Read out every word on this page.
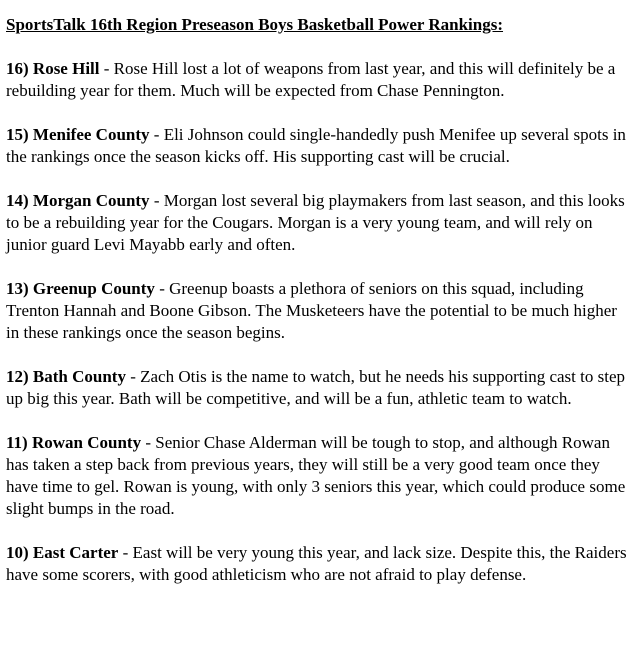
SportsTalk 16th Region Preseason Boys Basketball Power Rankings:
16) Rose Hill - Rose Hill lost a lot of weapons from last year, and this will definitely be a rebuilding year for them. Much will be expected from Chase Pennington.
15) Menifee County - Eli Johnson could single-handedly push Menifee up several spots in the rankings once the season kicks off. His supporting cast will be crucial.
14) Morgan County - Morgan lost several big playmakers from last season, and this looks to be a rebuilding year for the Cougars. Morgan is a very young team, and will rely on junior guard Levi Mayabb early and often.
13) Greenup County - Greenup boasts a plethora of seniors on this squad, including Trenton Hannah and Boone Gibson. The Musketeers have the potential to be much higher in these rankings once the season begins.
12) Bath County - Zach Otis is the name to watch, but he needs his supporting cast to step up big this year. Bath will be competitive, and will be a fun, athletic team to watch.
11) Rowan County - Senior Chase Alderman will be tough to stop, and although Rowan has taken a step back from previous years, they will still be a very good team once they have time to gel. Rowan is young, with only 3 seniors this year, which could produce some slight bumps in the road.
10) East Carter - East will be very young this year, and lack size. Despite this, the Raiders have some scorers, with good athleticism who are not afraid to play defense.
